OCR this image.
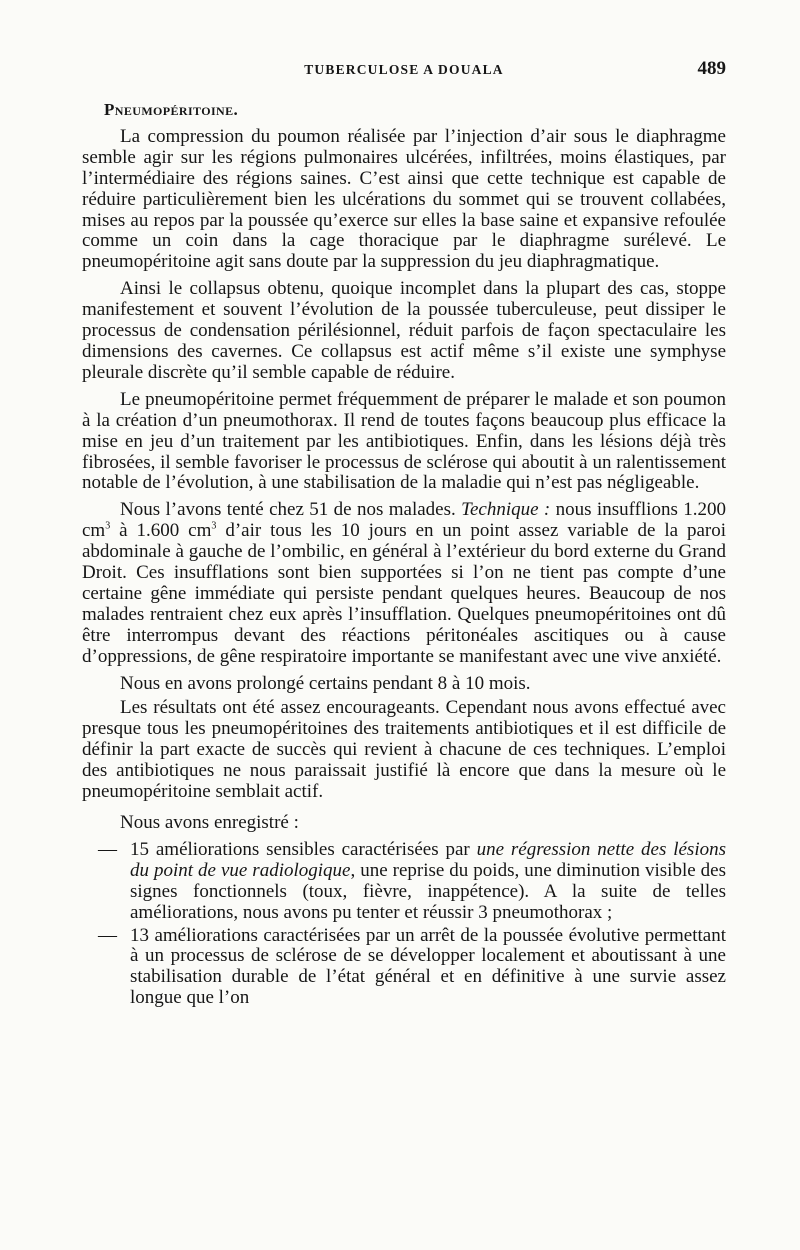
TUBERCULOSE A DOUALA	489
Pneumopéritoine.

La compression du poumon réalisée par l’injection d’air sous le diaphragme semble agir sur les régions pulmonaires ulcérées, infiltrées, moins élastiques, par l’intermédiaire des régions saines. C’est ainsi que cette technique est capable de réduire particulièrement bien les ulcérations du sommet qui se trouvent collabées, mises au repos par la poussée qu’exerce sur elles la base saine et expansive refoulée comme un coin dans la cage thoracique par le diaphragme surélevé. Le pneumopéritoine agit sans doute par la suppression du jeu diaphragmatique.

Ainsi le collapsus obtenu, quoique incomplet dans la plupart des cas, stoppe manifestement et souvent l’évolution de la poussée tuberculeuse, peut dissiper le processus de condensation périlésionnel, réduit parfois de façon spectaculaire les dimensions des cavernes. Ce collapsus est actif même s’il existe une symphyse pleurale discrète qu’il semble capable de réduire.

Le pneumopéritoine permet fréquemment de préparer le malade et son poumon à la création d’un pneumothorax. Il rend de toutes façons beaucoup plus efficace la mise en jeu d’un traitement par les antibiotiques. Enfin, dans les lésions déjà très fibrosées, il semble favoriser le processus de sclérose qui aboutit à un ralentissement notable de l’évolution, à une stabilisation de la maladie qui n’est pas négligeable.

Nous l’avons tenté chez 51 de nos malades. Technique : nous insufflions 1.200 $cm^3$ à 1.600 $cm^3$ d’air tous les 10 jours en un point assez variable de la paroi abdominale à gauche de l’ombilic, en général à l’extérieur du bord externe du Grand Droit. Ces insufflations sont bien supportées si l’on ne tient pas compte d’une certaine gêne immédiate qui persiste pendant quelques heures. Beaucoup de nos malades rentraient chez eux après l’insufflation. Quelques pneumopéritoines ont dû être interrompus devant des réactions péritonéales ascitiques ou à cause d’oppressions, de gêne respiratoire importante se manifestant avec une vive anxiété.

Nous en avons prolongé certains pendant 8 à 10 mois.

Les résultats ont été assez encourageants. Cependant nous avons effectué avec presque tous les pneumopéritoines des traitements antibiotiques et il est difficile de définir la part exacte de succès qui revient à chacune de ces techniques. L’emploi des antibiotiques ne nous paraissait justifié là encore que dans la mesure où le pneumopéritoine semblait actif.

Nous avons enregistré :

— 15 améliorations sensibles caractérisées par une régression nette des lésions du point de vue radiologique, une reprise du poids, une diminution visible des signes fonctionnels (toux, fièvre, inappétence). A la suite de telles améliorations, nous avons pu tenter et réussir 3 pneumothorax ;
— 13 améliorations caractérisées par un arrêt de la poussée évolutive permettant à un processus de sclérose de se développer localement et aboutissant à une stabilisation durable de l’état général et en définitive à une survie assez longue que l’on
